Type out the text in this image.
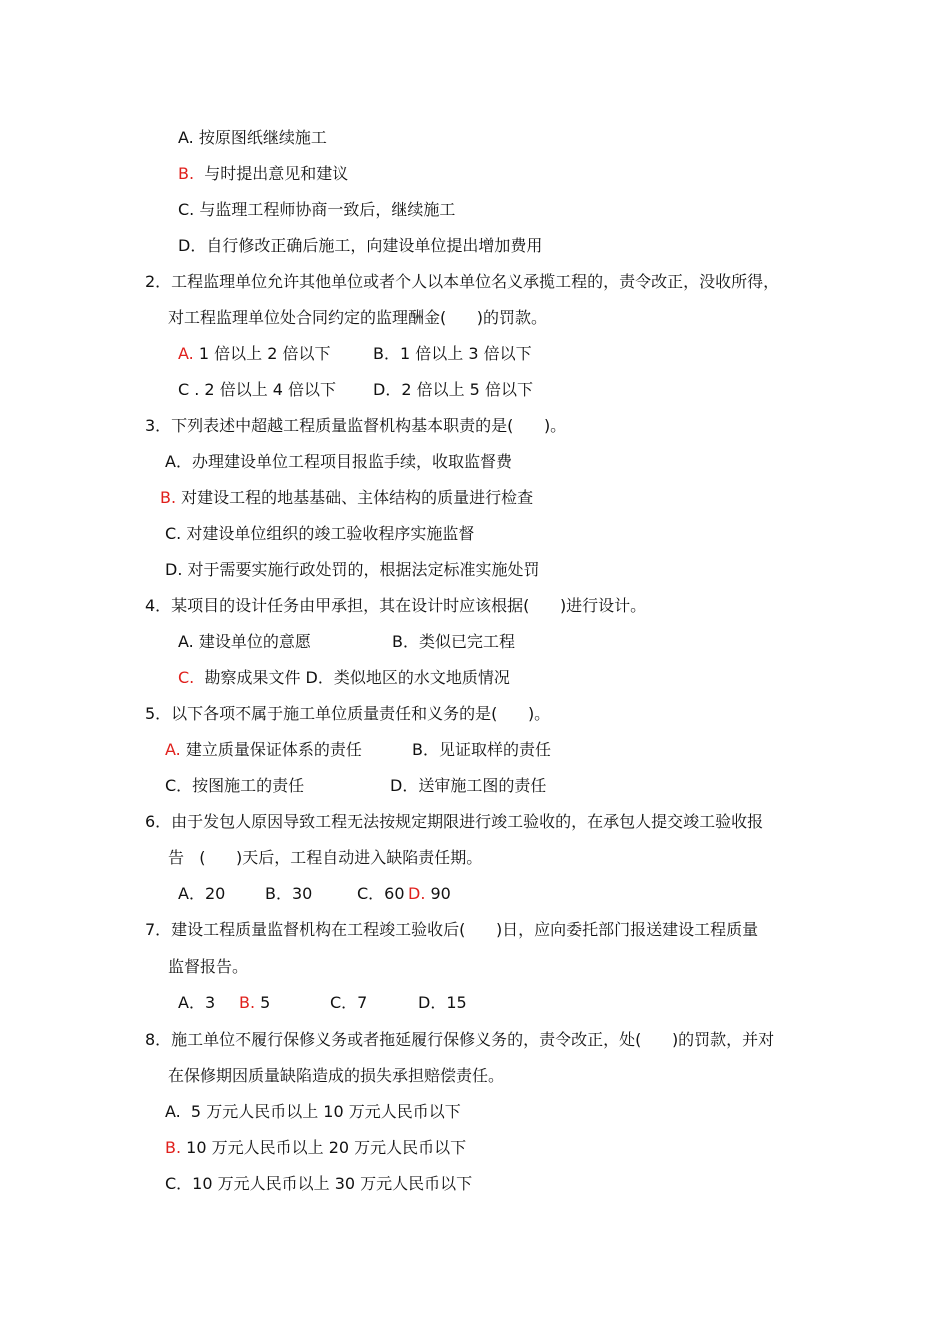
A. 按原图纸继续施工
B. 与时提出意见和建议
C. 与监理工程师协商一致后，继续施工
D．自行修改正确后施工，向建设单位提出增加费用
2．工程监理单位允许其他单位或者个人以本单位名义承揽工程的，责令改正，没收所得，
对工程监理单位处合同约定的监理酬金(      )的罚款。
A. 1 倍以上 2 倍以下	B．1 倍以上 3 倍以下
C . 2 倍以上 4 倍以下 D．2 倍以上 5 倍以下
3．下列表述中超越工程质量监督机构基本职责的是(      )。
A．办理建设单位工程项目报监手续，收取监督费
B. 对建设工程的地基基础、主体结构的质量进行检查
C. 对建设单位组织的竣工验收程序实施监督
D. 对于需要实施行政处罚的，根据法定标准实施处罚
4．某项目的设计任务由甲承担，其在设计时应该根据(      )进行设计。
A. 建设单位的意愿	B．类似已完工程
C. 勘察成果文件 D．类似地区的水文地质情况
5．以下各项不属于施工单位质量责任和义务的是(      )。
A. 建立质量保证体系的责任	B．见证取样的责任
C．按图施工的责任	D．送审施工图的责任
6．由于发包人原因导致工程无法按规定期限进行竣工验收的，在承包人提交竣工验收报
告   (      )天后，工程自动进入缺陷责任期。
A．20 B．30	C．60 D. 90
7．建设工程质量监督机构在工程竣工验收后(      )日，应向委托部门报送建设工程质量
监督报告。
A．3 B. 5	C．7	D．15
8．施工单位不履行保修义务或者拖延履行保修义务的，责令改正，处(      )的罚款，并对
在保修期因质量缺陷造成的损失承担赔偿责任。
A.  5 万元人民币以上 10 万元人民币以下
B. 10 万元人民币以上 20 万元人民币以下
C．10 万元人民币以上 30 万元人民币以下
